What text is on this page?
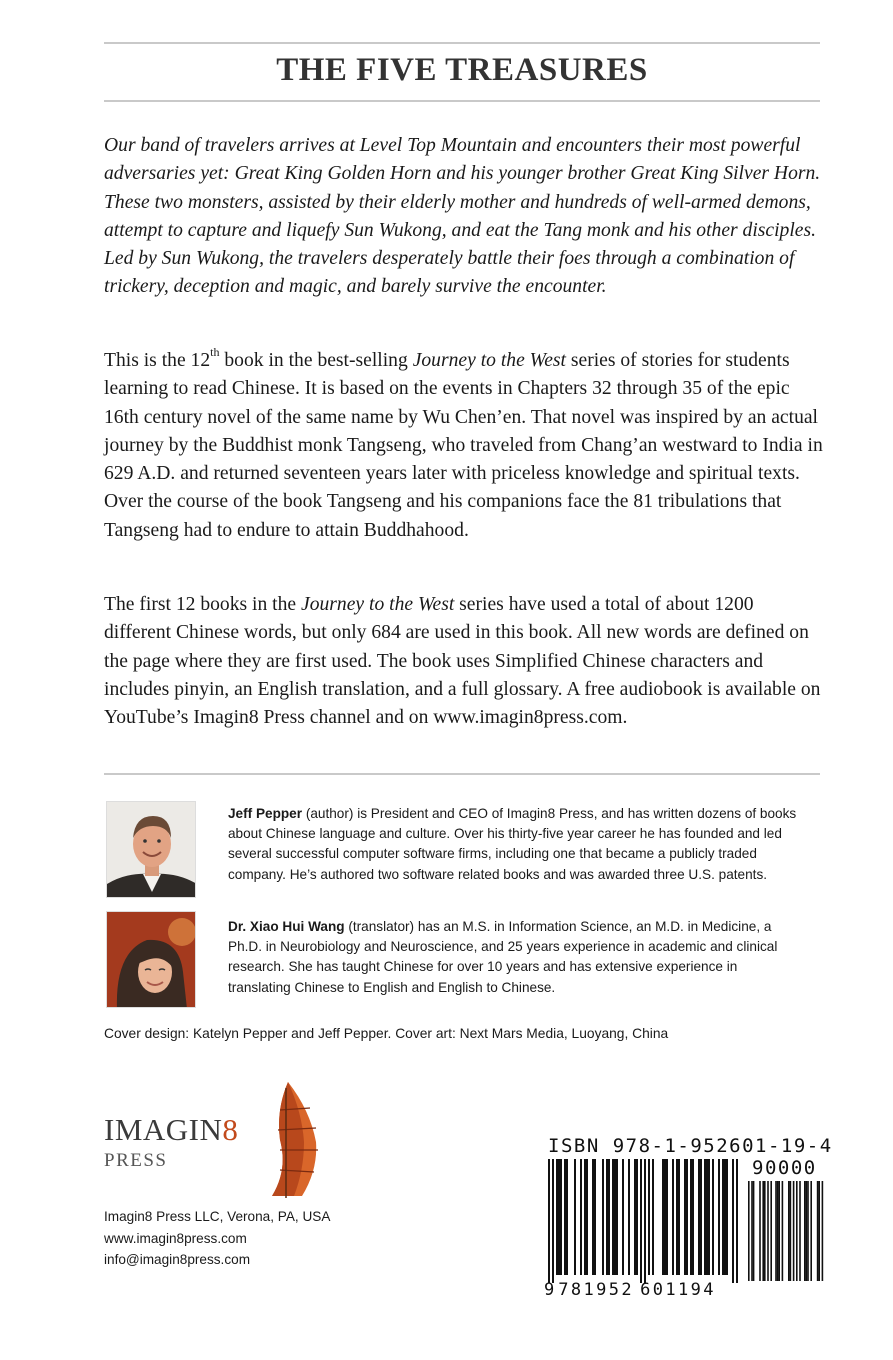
THE FIVE TREASURES

Our band of travelers arrives at Level Top Mountain and encounters their most powerful adversaries yet: Great King Golden Horn and his younger brother Great King Silver Horn. These two monsters, assisted by their elderly mother and hundreds of well-armed demons, attempt to capture and liquefy Sun Wukong, and eat the Tang monk and his other disciples. Led by Sun Wukong, the travelers desperately battle their foes through a combination of trickery, deception and magic, and barely survive the encounter.

This is the 12th book in the best-selling Journey to the West series of stories for students learning to read Chinese. It is based on the events in Chapters 32 through 35 of the epic 16th century novel of the same name by Wu Chen’en. That novel was inspired by an actual journey by the Buddhist monk Tangseng, who traveled from Chang’an westward to India in 629 A.D. and returned seventeen years later with priceless knowledge and spiritual texts. Over the course of the book Tangseng and his companions face the 81 tribulations that Tangseng had to endure to attain Buddhahood.

The first 12 books in the Journey to the West series have used a total of about 1200 different Chinese words, but only 684 are used in this book. All new words are defined on the page where they are first used. The book uses Simplified Chinese characters and includes pinyin, an English translation, and a full glossary. A free audiobook is available on YouTube’s Imagin8 Press channel and on www.imagin8press.com.

Jeff Pepper (author) is President and CEO of Imagin8 Press, and has written dozens of books about Chinese language and culture. Over his thirty-five year career he has founded and led several successful computer software firms, including one that became a publicly traded company. He’s authored two software related books and was awarded three U.S. patents.

Dr. Xiao Hui Wang (translator) has an M.S. in Information Science, an M.D. in Medicine, a Ph.D. in Neurobiology and Neuroscience, and 25 years experience in academic and clinical research. She has taught Chinese for over 10 years and has extensive experience in translating Chinese to English and English to Chinese.

Cover design: Katelyn Pepper and Jeff Pepper. Cover art: Next Mars Media, Luoyang, China

IMAGIN8
PRESS
Imagin8 Press LLC, Verona, PA, USA
www.imagin8press.com
info@imagin8press.com
ISBN 978-1-952601-19-4
90000
9 781952 601194
